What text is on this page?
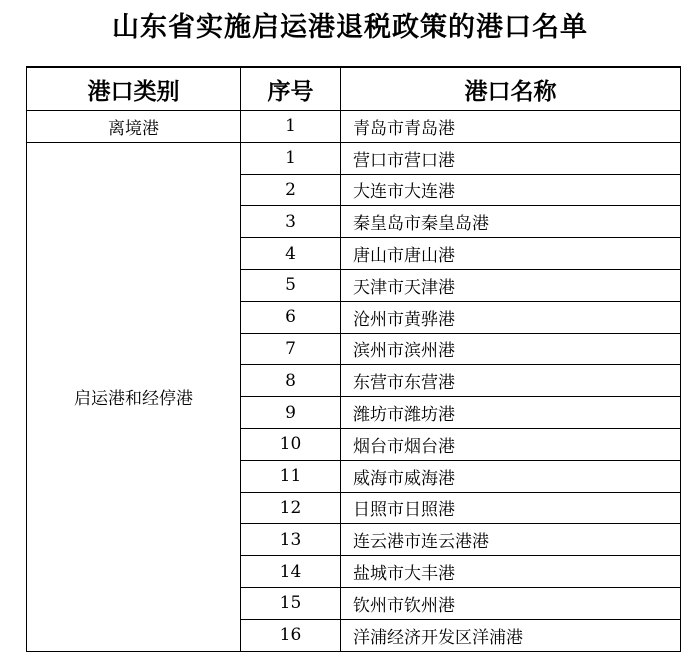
山东省实施启运港退税政策的港口名单
港口类别	序号	港口名称
离境港	1	青岛市青岛港
启运港和经停港	1	营口市营口港
	2	大连市大连港
	3	秦皇岛市秦皇岛港
	4	唐山市唐山港
	5	天津市天津港
	6	沧州市黄骅港
	7	滨州市滨州港
	8	东营市东营港
	9	潍坊市潍坊港
	10	烟台市烟台港
	11	威海市威海港
	12	日照市日照港
	13	连云港市连云港港
	14	盐城市大丰港
	15	钦州市钦州港
	16	洋浦经济开发区洋浦港
